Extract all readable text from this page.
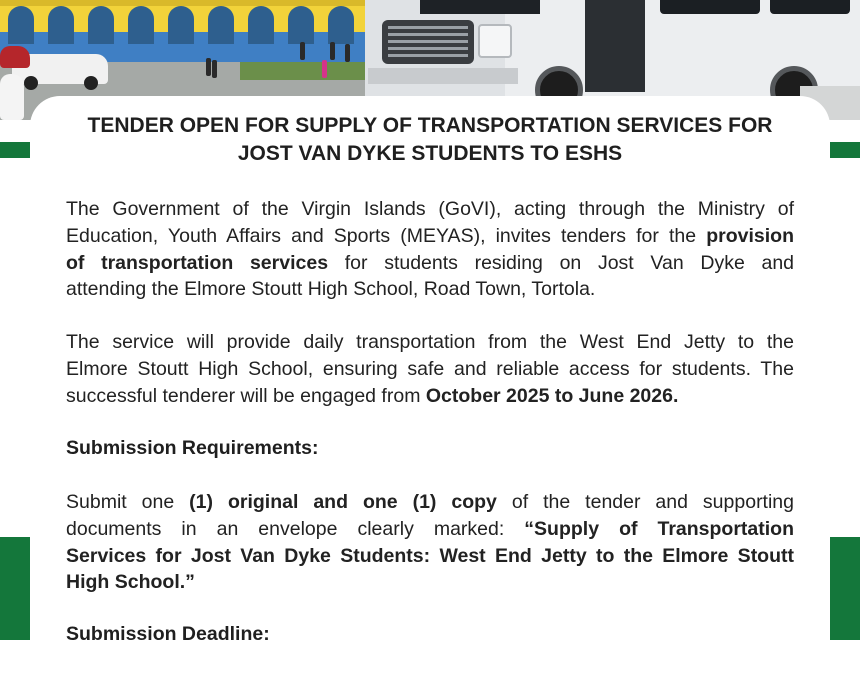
TENDER OPEN FOR SUPPLY OF TRANSPORTATION SERVICES FOR
JOST VAN DYKE STUDENTS TO ESHS
The Government of the Virgin Islands (GoVI), acting through the Ministry of
Education, Youth Affairs and Sports (MEYAS), invites tenders for the provision
of transportation services for students residing on Jost Van Dyke and
attending the Elmore Stoutt High School, Road Town, Tortola.
The service will provide daily transportation from the West End Jetty to the
Elmore Stoutt High School, ensuring safe and reliable access for students. The
successful tenderer will be engaged from October 2025 to June 2026.
Submission Requirements:
Submit one (1) original and one (1) copy of the tender and supporting
documents in an envelope clearly marked: “Supply of Transportation
Services for Jost Van Dyke Students: West End Jetty to the Elmore Stoutt
High School.”
Submission Deadline:
